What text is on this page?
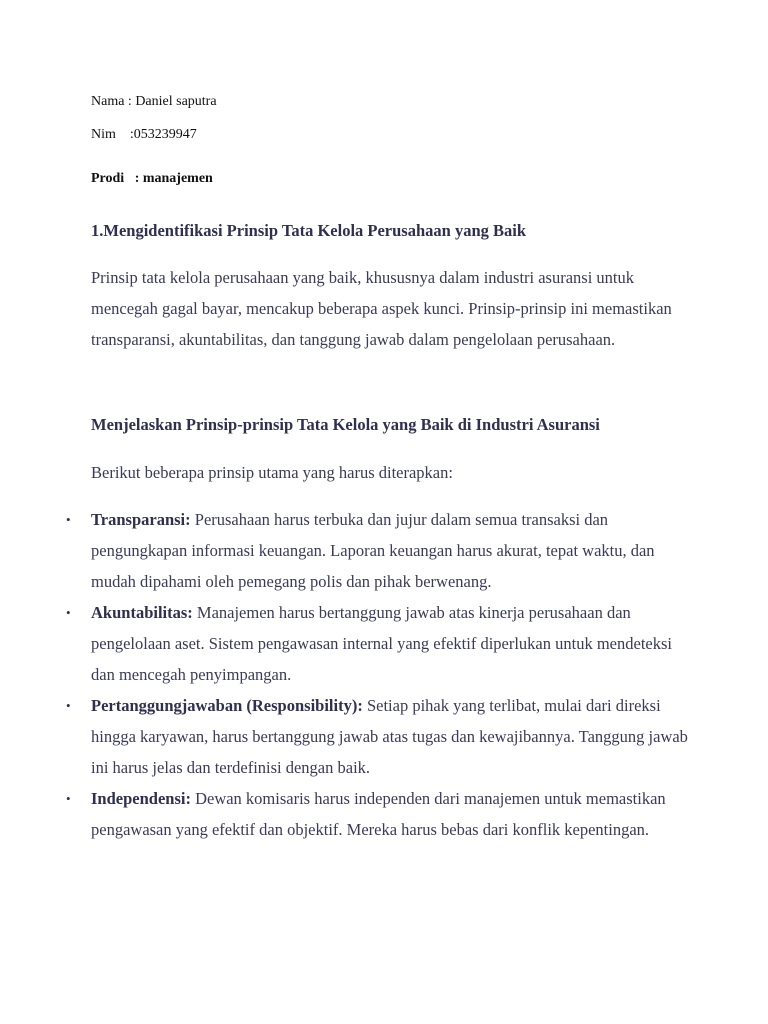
Nama : Daniel saputra
Nim    :053239947
Prodi   : manajemen
1.Mengidentifikasi Prinsip Tata Kelola Perusahaan yang Baik
Prinsip tata kelola perusahaan yang baik, khususnya dalam industri asuransi untuk mencegah gagal bayar, mencakup beberapa aspek kunci. Prinsip-prinsip ini memastikan transparansi, akuntabilitas, dan tanggung jawab dalam pengelolaan perusahaan.
Menjelaskan Prinsip-prinsip Tata Kelola yang Baik di Industri Asuransi
Berikut beberapa prinsip utama yang harus diterapkan:
• Transparansi: Perusahaan harus terbuka dan jujur dalam semua transaksi dan pengungkapan informasi keuangan. Laporan keuangan harus akurat, tepat waktu, dan mudah dipahami oleh pemegang polis dan pihak berwenang.
• Akuntabilitas: Manajemen harus bertanggung jawab atas kinerja perusahaan dan pengelolaan aset. Sistem pengawasan internal yang efektif diperlukan untuk mendeteksi dan mencegah penyimpangan.
• Pertanggungjawaban (Responsibility): Setiap pihak yang terlibat, mulai dari direksi hingga karyawan, harus bertanggung jawab atas tugas dan kewajibannya. Tanggung jawab ini harus jelas dan terdefinisi dengan baik.
• Independensi: Dewan komisaris harus independen dari manajemen untuk memastikan pengawasan yang efektif dan objektif. Mereka harus bebas dari konflik kepentingan.
